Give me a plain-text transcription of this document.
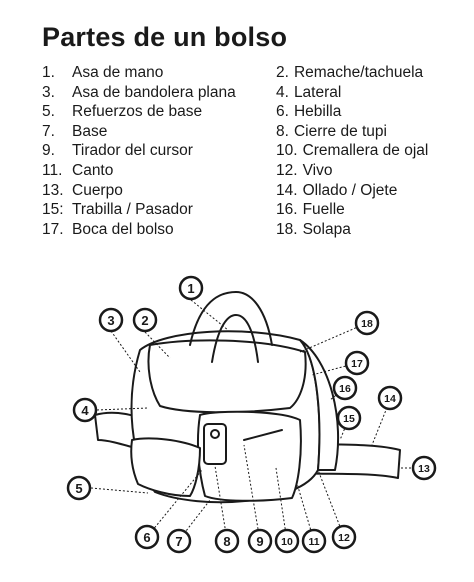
Partes de un bolso
1. Asa de mano	2. Remache/tachuela
3. Asa de bandolera plana	4. Lateral
5. Refuerzos de base	6. Hebilla
7. Base	8. Cierre de tupi
9. Tirador del cursor	10. Cremallera de ojal
11. Canto	12. Vivo
13. Cuerpo	14. Ollado / Ojete
15: Trabilla / Pasador	16. Fuelle
17. Boca del bolso	18. Solapa
1
2
3
4
5
6 7	8 9 10 11 12
13
14
15
16
17
18
